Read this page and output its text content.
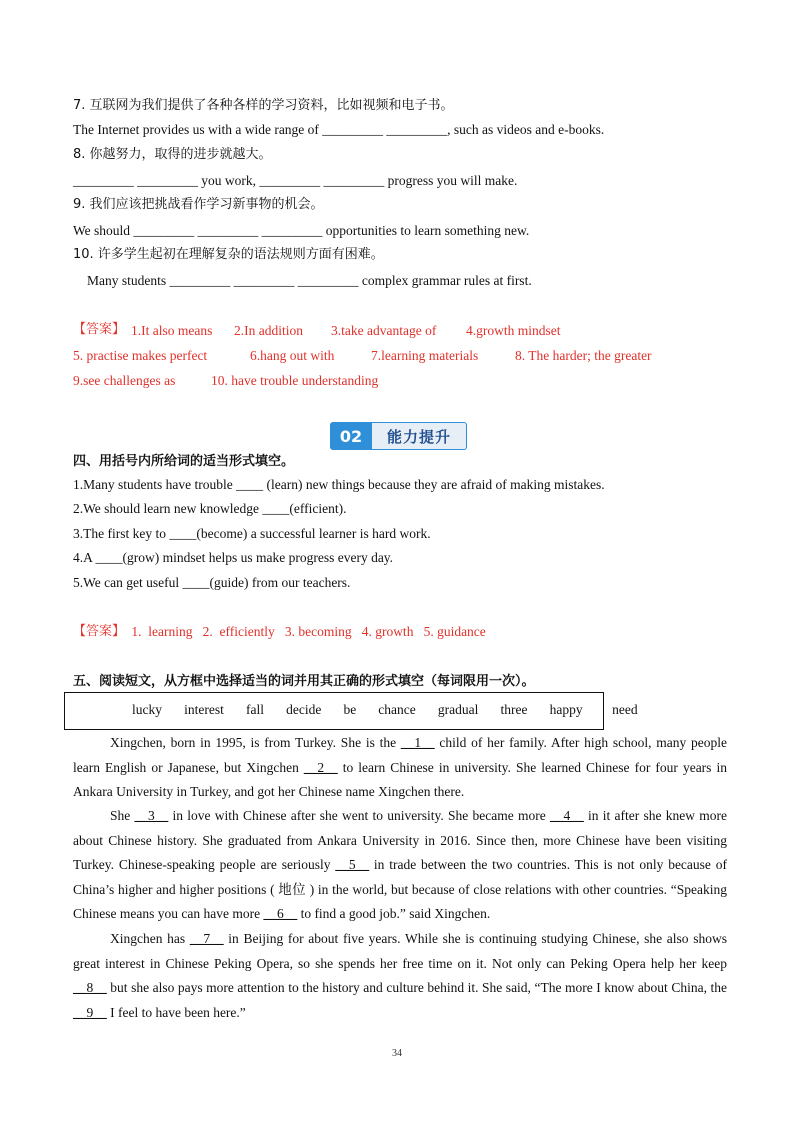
7. 互联网为我们提供了各种各样的学习资料，比如视频和电子书。
The Internet provides us with a wide range of _________ _________, such as videos and e-books.
8. 你越努力，取得的进步就越大。
_________ _________ you work, _________ _________ progress you will make.
9. 我们应该把挑战看作学习新事物的机会。
We should _________ _________ _________ opportunities to learn something new.
10. 许多学生起初在理解复杂的语法规则方面有困难。
Many students _________ _________ _________ complex grammar rules at first.
【答案】 1.It also means 2.In addition 3.take advantage of 4.growth mindset
5. practise makes perfect	6.hang out with	7.learning materials	8. The harder; the greater
9.see challenges as	10. have trouble understanding
02	能力提升
四、用括号内所给词的适当形式填空。
1.Many students have trouble ____ (learn) new things because they are afraid of making mistakes.
2.We should learn new knowledge ____(efficient).
3.The first key to ____(become) a successful learner is hard work.
4.A ____(grow) mindset helps us make progress every day.
5.We can get useful ____(guide) from our teachers.
【答案】 1.  learning   2.  efficiently   3. becoming   4. growth   5. guidance
五、阅读短文，从方框中选择适当的词并用其正确的形式填空（每词限用一次）。
lucky   interest   fall   decide   be   chance   gradual   three   happy    need
Xingchen, born in 1995, is from Turkey. She is the __1__ child of her family. After high school, many people learn English or Japanese, but Xingchen __2__ to learn Chinese in university. She learned Chinese for four years in Ankara University in Turkey, and got her Chinese name Xingchen there.
She __3__ in love with Chinese after she went to university. She became more __4__ in it after she knew more about Chinese history. She graduated from Ankara University in 2016. Since then, more Chinese have been visiting Turkey. Chinese-speaking people are seriously __5__ in trade between the two countries. This is not only because of China’s higher and higher positions ( 地位 ) in the world, but because of close relations with other countries. “Speaking Chinese means you can have more __6__ to find a good job.” said Xingchen.
Xingchen has __7__ in Beijing for about five years. While she is continuing studying Chinese, she also shows great interest in Chinese Peking Opera, so she spends her free time on it. Not only can Peking Opera help her keep __8__ but she also pays more attention to the history and culture behind it. She said, “The more I know about China, the __9__ I feel to have been here.”
34
